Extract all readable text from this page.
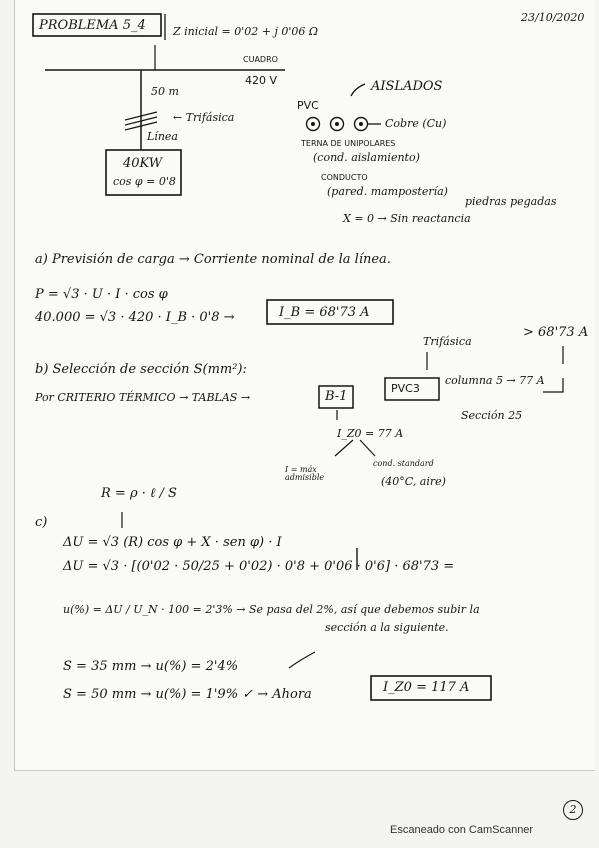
PROBLEMA 5_4
23/10/2020
Z inicial = 0'02 + j 0'06 Ω
CUADRO
420 V
50 m
← Trifásica
Línea
40KW
cos φ = 0'8
AISLADOS
PVC
Cobre (Cu)
TERNA DE UNIPOLARES
(cond. aislamiento)
CONDUCTO
(pared. mampostería)
piedras pegadas
X = 0 → Sin reactancia
a) Previsión de carga → Corriente nominal de la línea.
P = √3 · U · I · cos φ
40.000 = √3 · 420 · I_B · 0'8 →	I_B = 68'73 A
Trifásica
> 68'73 A
b) Selección de sección S(mm²):
Por CRITERIO TÉRMICO → TABLAS →	B-1
PVC3
columna 5 → 77 A
Sección 25
I_Z0 = 77 A
I = máx admisible
cond. standard
(40°C, aire)
R = ρ · ℓ / S
c)
ΔU = √3 (R) cos φ + X · sen φ) · I
ΔU = √3 · [(0'02 · 50/25 + 0'02) · 0'8 + 0'06 · 0'6] · 68'73 =
u(%) = ΔU / U_N · 100 = 2'3% → Se pasa del 2%, así que debemos subir la
sección a la siguiente.
S = 35 mm → u(%) = 2'4%
S = 50 mm → u(%) = 1'9% ✓ → Ahora	I_Z0 = 117 A
2
Escaneado con CamScanner
